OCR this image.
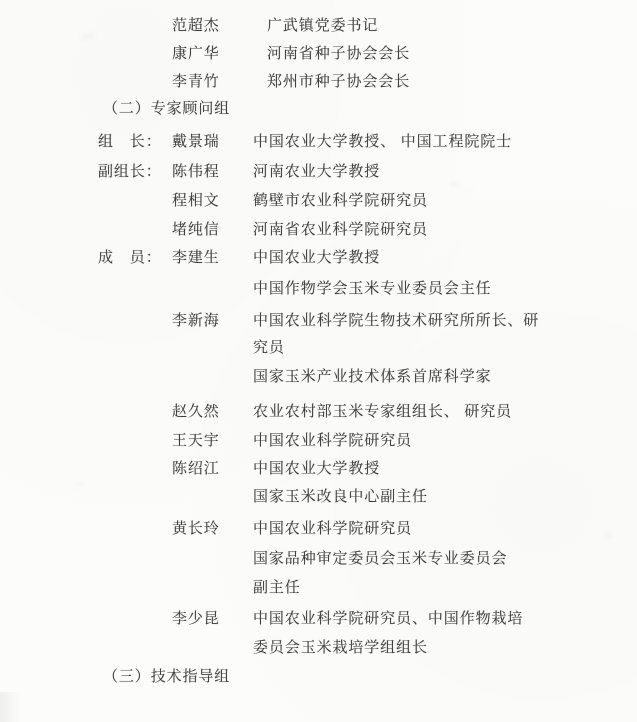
范超杰	广武镇党委书记
康广华	河南省种子协会会长
李青竹	郑州市种子协会会长
（二）专家顾问组
组　长： 戴景瑞 中国农业大学教授、 中国工程院院士
副组长： 陈伟程 河南农业大学教授
程相文 鹤壁市农业科学院研究员
堵纯信 河南省农业科学院研究员
成　员： 李建生 中国农业大学教授
中国作物学会玉米专业委员会主任
李新海 中国农业科学院生物技术研究所所长、研
究员
国家玉米产业技术体系首席科学家
赵久然 农业农村部玉米专家组组长、 研究员
王天宇 中国农业科学院研究员
陈绍江 中国农业大学教授
国家玉米改良中心副主任
黄长玲 中国农业科学院研究员
国家品种审定委员会玉米专业委员会
副主任
李少昆 中国农业科学院研究员、中国作物栽培
委员会玉米栽培学组组长
（三）技术指导组
